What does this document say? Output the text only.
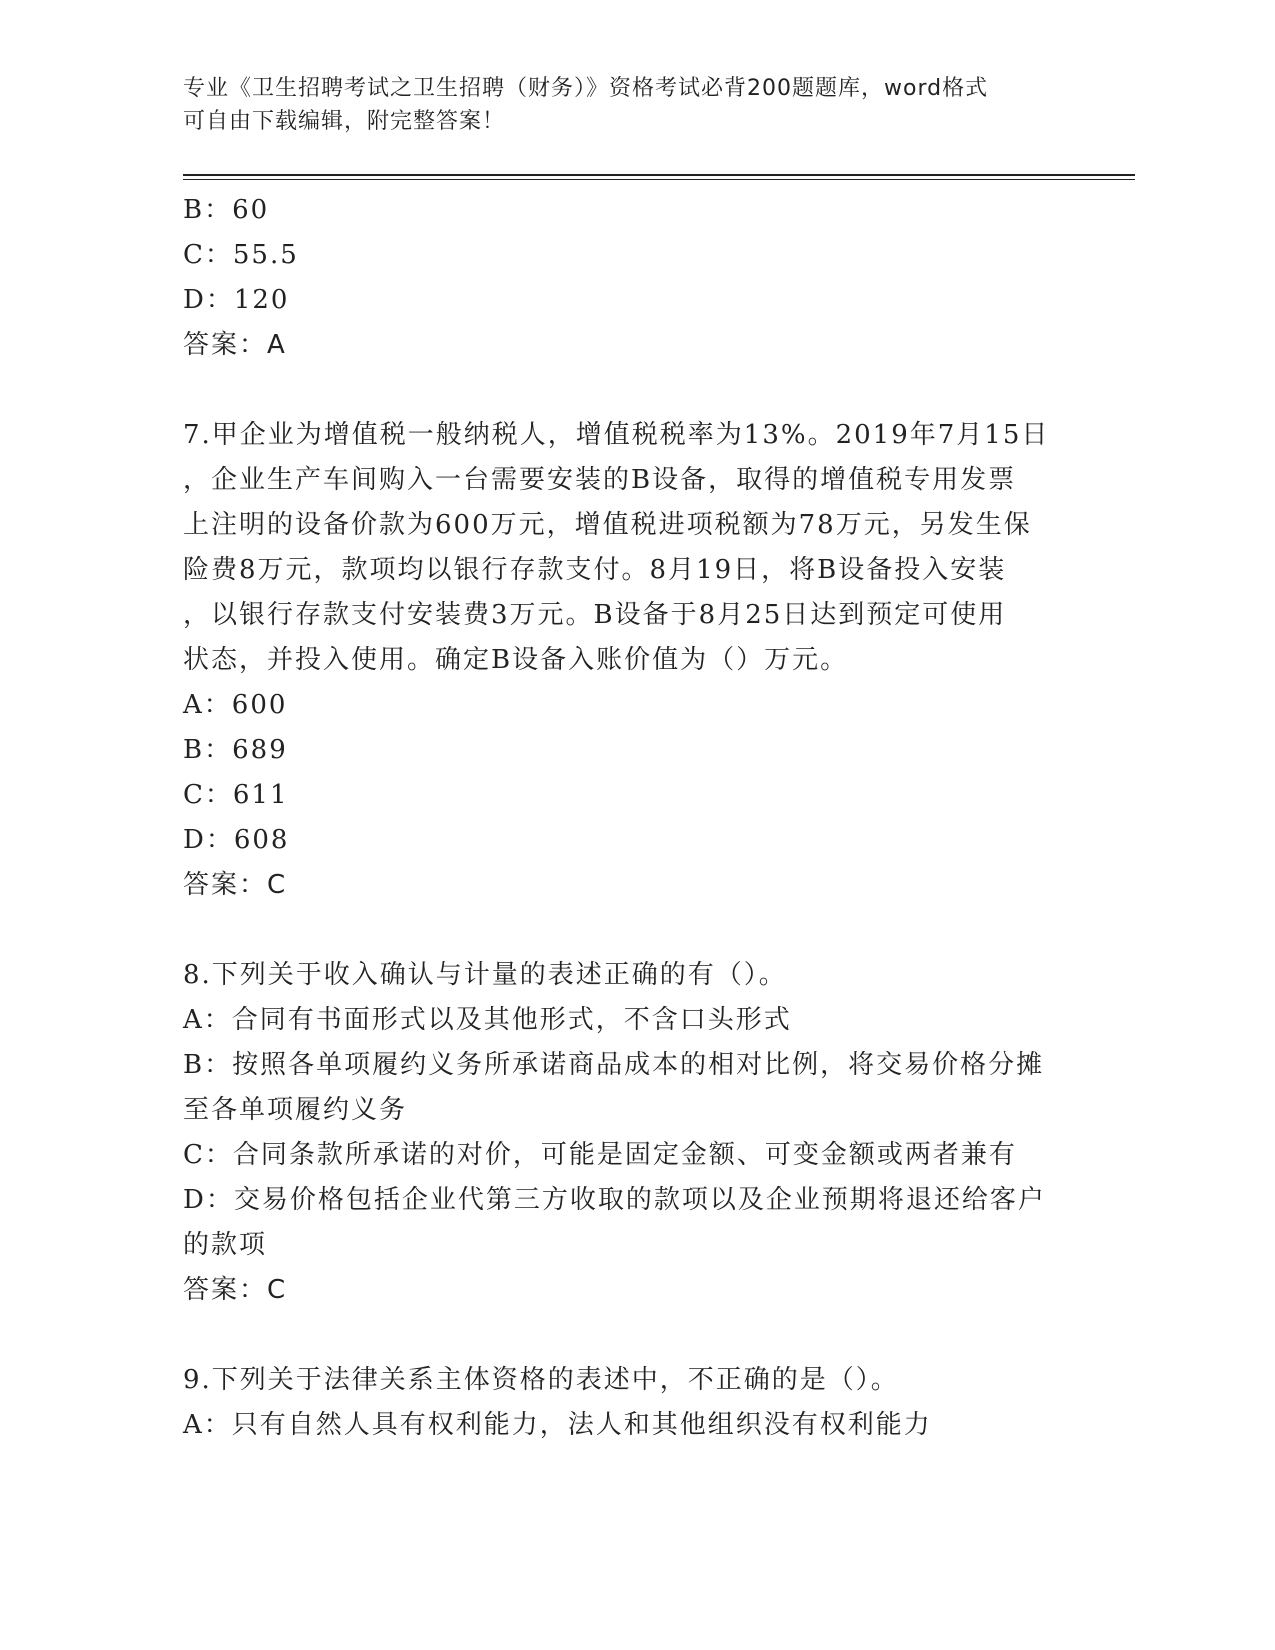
专业《卫生招聘考试之卫生招聘（财务）》资格考试必背200题题库，word格式
可自由下载编辑，附完整答案！
B：60
C：55.5
D：120
答案：A
7.甲企业为增值税一般纳税人，增值税税率为13%。2019年7月15日
，企业生产车间购入一台需要安装的B设备，取得的增值税专用发票
上注明的设备价款为600万元，增值税进项税额为78万元，另发生保
险费8万元，款项均以银行存款支付。8月19日，将B设备投入安装
，以银行存款支付安装费3万元。B设备于8月25日达到预定可使用
状态，并投入使用。确定B设备入账价值为（）万元。
A：600
B：689
C：611
D：608
答案：C
8.下列关于收入确认与计量的表述正确的有（）。
A：合同有书面形式以及其他形式，不含口头形式
B：按照各单项履约义务所承诺商品成本的相对比例，将交易价格分摊
至各单项履约义务
C：合同条款所承诺的对价，可能是固定金额、可变金额或两者兼有
D：交易价格包括企业代第三方收取的款项以及企业预期将退还给客户
的款项
答案：C
9.下列关于法律关系主体资格的表述中，不正确的是（）。
A：只有自然人具有权利能力，法人和其他组织没有权利能力
